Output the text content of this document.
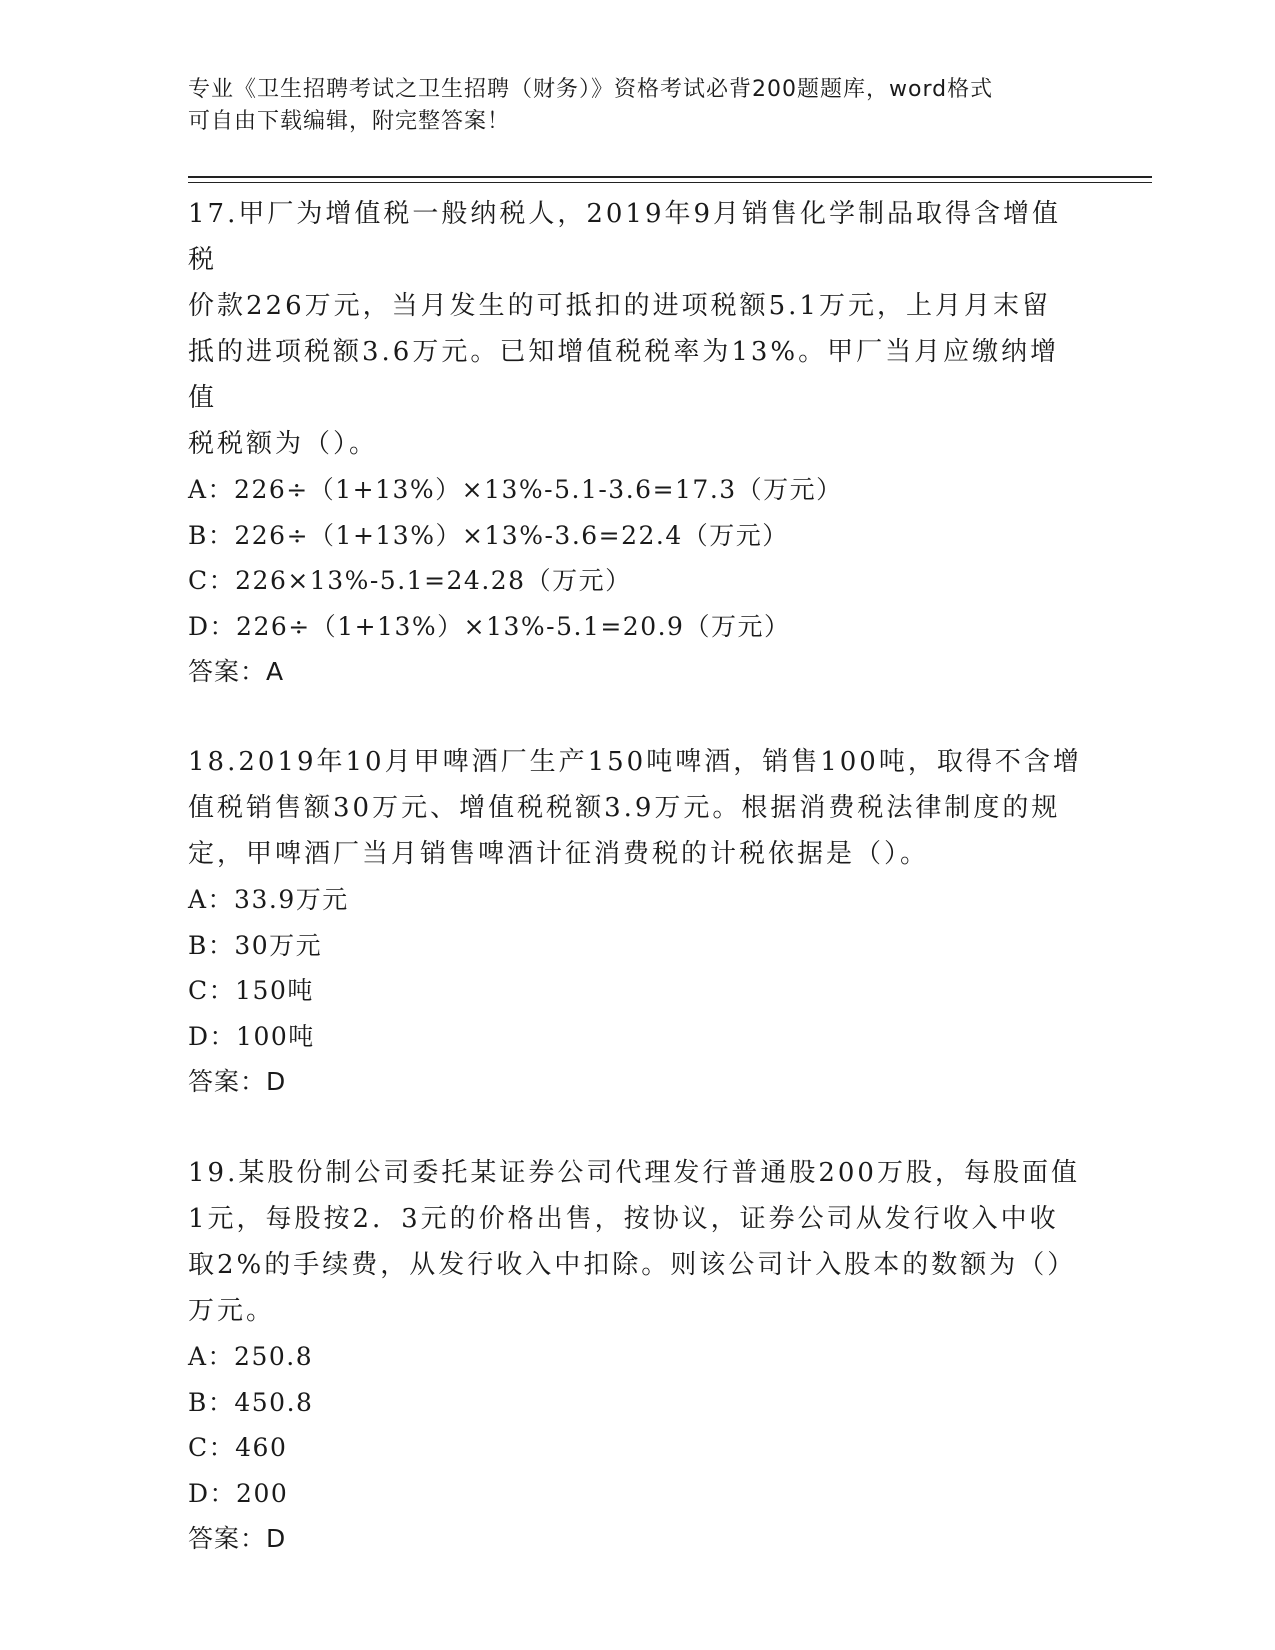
专业《卫生招聘考试之卫生招聘（财务）》资格考试必背200题题库，word格式
可自由下载编辑，附完整答案！
17.甲厂为增值税一般纳税人，2019年9月销售化学制品取得含增值税
价款226万元，当月发生的可抵扣的进项税额5.1万元，上月月末留
抵的进项税额3.6万元。已知增值税税率为13%。甲厂当月应缴纳增值
税税额为（）。
A：226÷（1+13%）×13%-5.1-3.6=17.3（万元）
B：226÷（1+13%）×13%-3.6=22.4（万元）
C：226×13%-5.1=24.28（万元）
D：226÷（1+13%）×13%-5.1=20.9（万元）
答案：A
18.2019年10月甲啤酒厂生产150吨啤酒，销售100吨，取得不含增
值税销售额30万元、增值税税额3.9万元。根据消费税法律制度的规
定，甲啤酒厂当月销售啤酒计征消费税的计税依据是（）。
A：33.9万元
B：30万元
C：150吨
D：100吨
答案：D
19.某股份制公司委托某证券公司代理发行普通股200万股，每股面值
1元，每股按2．3元的价格出售，按协议，证券公司从发行收入中收
取2%的手续费，从发行收入中扣除。则该公司计入股本的数额为（）
万元。
A：250.8
B：450.8
C：460
D：200
答案：D
